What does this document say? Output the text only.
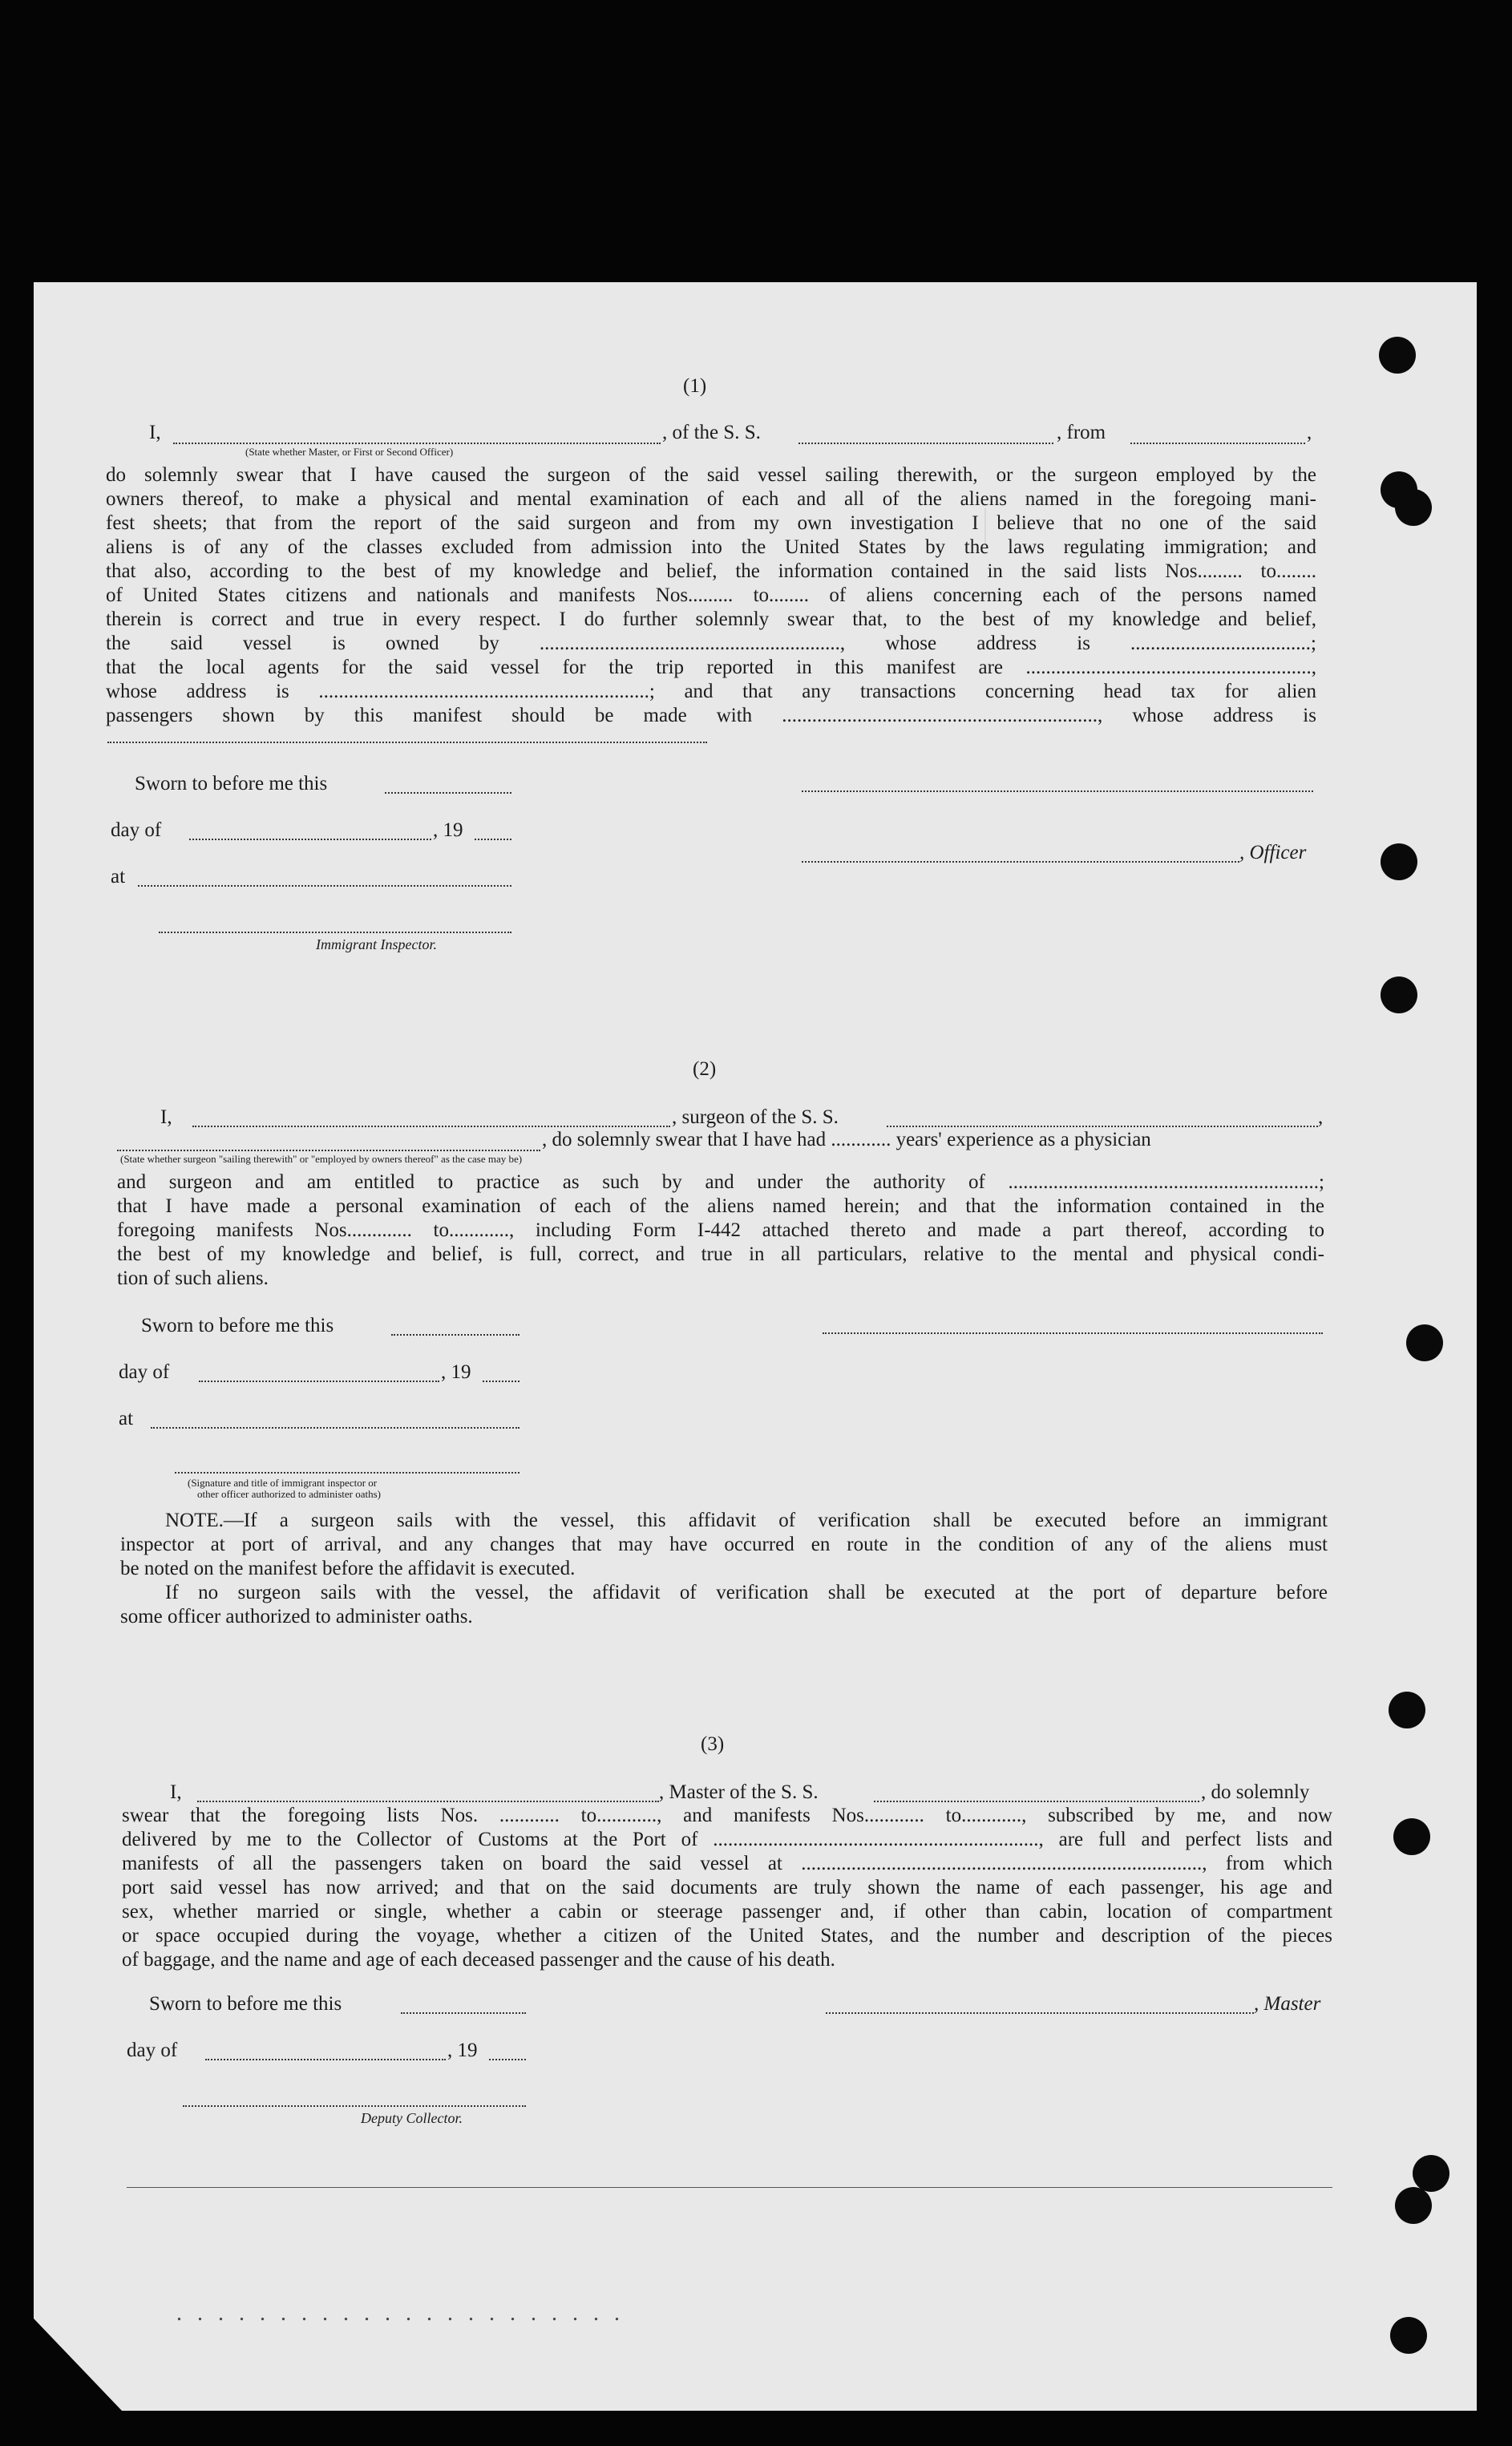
(1)
I,	, of the S. S.	, from	,
(State whether Master, or First or Second Officer)

do solemnly swear that I have caused the surgeon of the said vessel sailing therewith, or the surgeon employed by the

owners thereof, to make a physical and mental examination of each and all of the aliens named in the foregoing mani-

fest sheets; that from the report of the said surgeon and from my own investigation I believe that no one of the said

aliens is of any of the classes excluded from admission into the United States by the laws regulating immigration; and

that also, according to the best of my knowledge and belief, the information contained in the said lists Nos......... to........

of United States citizens and nationals and manifests Nos......... to........ of aliens concerning each of the persons named

therein is correct and true in every respect. I do further solemnly swear that, to the best of my knowledge and belief,

the said vessel is owned by ............................................................, whose address is ....................................;

that the local agents for the said vessel for the trip reported in this manifest are .........................................................,

whose address is ..................................................................; and that any transactions concerning head tax for alien

passengers shown by this manifest should be made with ..............................................................., whose address is

Sworn to before me this
day of	, 19
, Officer
at
Immigrant Inspector.
(2)
I,	, surgeon of the S. S.	,
, do solemnly swear that I have had ............ years' experience as a physician
(State whether surgeon "sailing therewith" or "employed by owners thereof" as the case may be)

and surgeon and am entitled to practice as such by and under the authority of ..............................................................;

that I have made a personal examination of each of the aliens named herein; and that the information contained in the

foregoing manifests Nos............. to............, including Form I-442 attached thereto and made a part thereof, according to

the best of my knowledge and belief, is full, correct, and true in all particulars, relative to the mental and physical condi-

tion of such aliens.

Sworn to before me this
day of	, 19
at
(Signature and title of immigrant inspector or
other officer authorized to administer oaths)

NOTE.—If a surgeon sails with the vessel, this affidavit of verification shall be executed before an immigrant

inspector at port of arrival, and any changes that may have occurred en route in the condition of any of the aliens must

be noted on the manifest before the affidavit is executed.

If no surgeon sails with the vessel, the affidavit of verification shall be executed at the port of departure before

some officer authorized to administer oaths.

(3)
I,	, Master of the S. S.	, do solemnly

swear that the foregoing lists Nos. ............ to............, and manifests Nos............ to............, subscribed by me, and now

delivered by me to the Collector of Customs at the Port of ................................................................., are full and perfect lists and

manifests of all the passengers taken on board the said vessel at ................................................................................, from which

port said vessel has now arrived; and that on the said documents are truly shown the name of each passenger, his age and

sex, whether married or single, whether a cabin or steerage passenger and, if other than cabin, location of compartment

or space occupied during the voyage, whether a citizen of the United States, and the number and description of the pieces

of baggage, and the name and age of each deceased passenger and the cause of his death.

Sworn to before me this	, Master
day of	, 19
Deputy Collector.
. . . . . . . . . . . . . . . . . . . . . .
